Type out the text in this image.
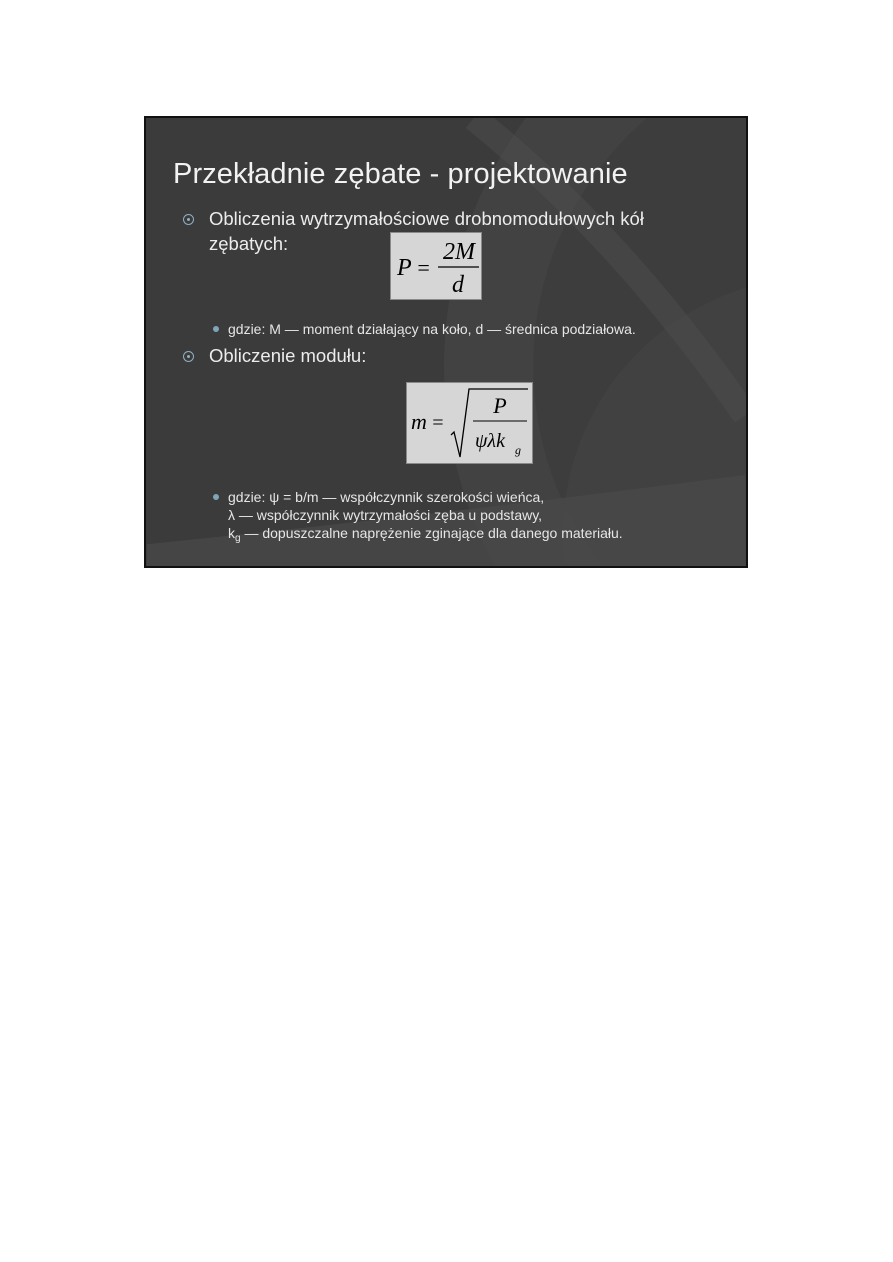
Przekładnie zębate - projektowanie
Obliczenia wytrzymałościowe drobnomodułowych kół
zębatych:
P =
2M
d
gdzie: M — moment działający na koło, d — średnica podziałowa.
Obliczenie modułu:
m =
P
ψλk g
gdzie: ψ = b/m — współczynnik szerokości wieńca,
λ — współczynnik wytrzymałości zęba u podstawy,
$k_g$ — dopuszczalne naprężenie zginające dla danego materiału.
